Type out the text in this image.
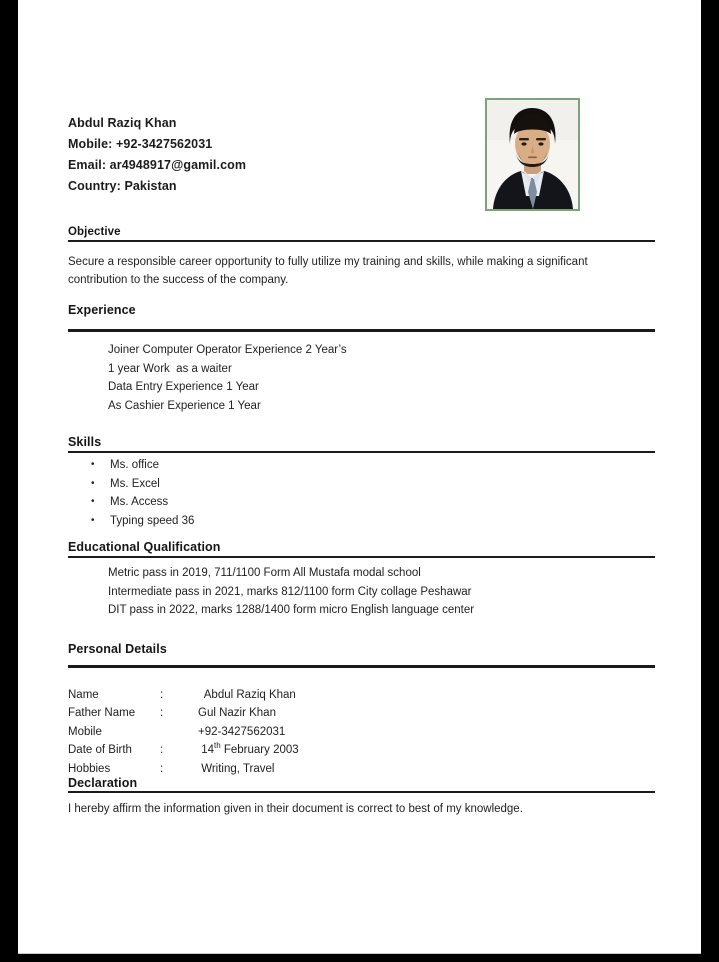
Abdul Raziq Khan
Mobile: +92-3427562031
Email: ar4948917@gamil.com
Country: Pakistan
Objective
Secure a responsible career opportunity to fully utilize my training and skills, while making a significant contribution to the success of the company.
Experience
Joiner Computer Operator Experience 2 Year’s
1 year Work  as a waiter
Data Entry Experience 1 Year
As Cashier Experience 1 Year
Skills
•	Ms. office
•	Ms. Excel
•	Ms. Access
•	Typing speed 36
Educational Qualification
Metric pass in 2019, 711/1100 Form All Mustafa modal school
Intermediate pass in 2021, marks 812/1100 form City collage Peshawar
DIT pass in 2022, marks 1288/1400 form micro English language center
Personal Details
Name	:	Abdul Raziq Khan
Father Name	:	Gul Nazir Khan
Mobile	+92-3427562031
Date of Birth	:	14th February 2003
Hobbies	:	Writing, Travel
Declaration
I hereby affirm the information given in their document is correct to best of my knowledge.
